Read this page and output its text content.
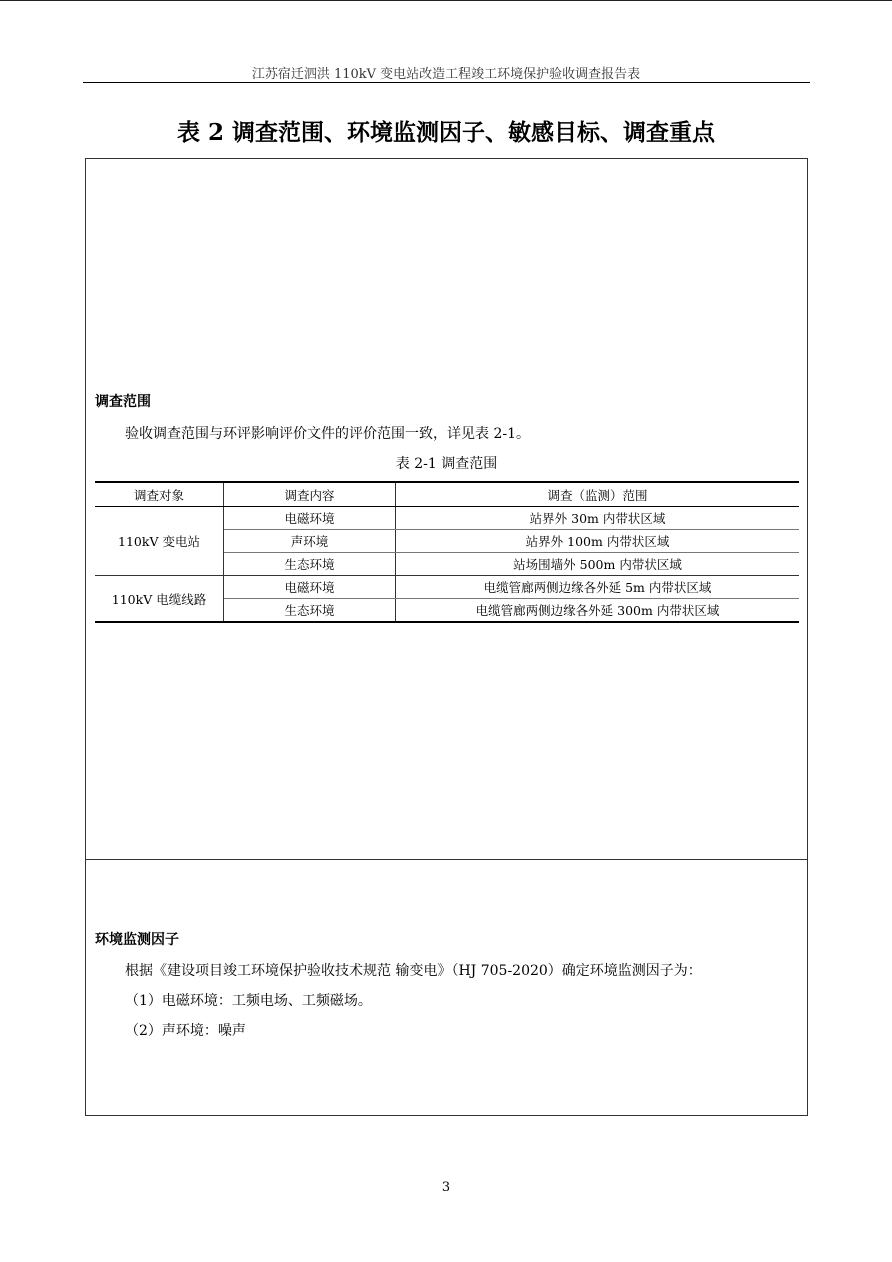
江苏宿迁泗洪 110kV 变电站改造工程竣工环境保护验收调查报告表
表 2 调查范围、环境监测因子、敏感目标、调查重点
调查范围
验收调查范围与环评影响评价文件的评价范围一致，详见表 2-1。
表 2-1 调查范围
调查对象	调查内容	调查（监测）范围
110kV 变电站	电磁环境	站界外 30m 内带状区域
	声环境	站界外 100m 内带状区域
	生态环境	站场围墙外 500m 内带状区域
110kV 电缆线路	电磁环境	电缆管廊两侧边缘各外延 5m 内带状区域
	生态环境	电缆管廊两侧边缘各外延 300m 内带状区域
环境监测因子
根据《建设项目竣工环境保护验收技术规范 输变电》（HJ 705-2020）确定环境监测因子为：
（1）电磁环境：工频电场、工频磁场。
（2）声环境：噪声
3
